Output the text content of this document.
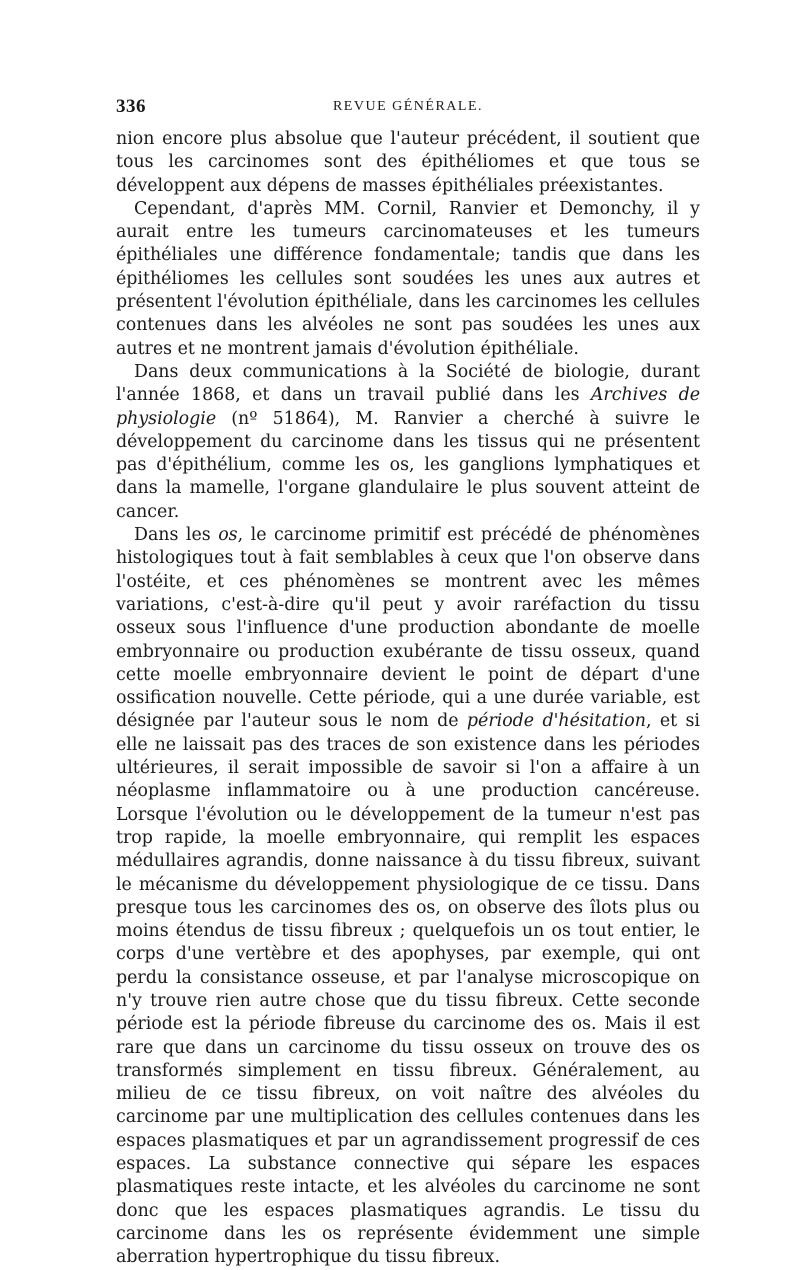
336	REVUE GÉNÉRALE.

nion encore plus absolue que l'auteur précédent, il soutient que tous les carcinomes sont des épithéliomes et que tous se développent aux dépens de masses épithéliales préexistantes.

Cependant, d'après MM. Cornil, Ranvier et Demonchy, il y aurait entre les tumeurs carcinomateuses et les tumeurs épithéliales une différence fondamentale; tandis que dans les épithéliomes les cellules sont soudées les unes aux autres et présentent l'évolution épithéliale, dans les carcinomes les cellules contenues dans les alvéoles ne sont pas soudées les unes aux autres et ne montrent jamais d'évolution épithéliale.

Dans deux communications à la Société de biologie, durant l'année 1868, et dans un travail publié dans les Archives de physiologie (nº 51864), M. Ranvier a cherché à suivre le développement du carcinome dans les tissus qui ne présentent pas d'épithélium, comme les os, les ganglions lymphatiques et dans la mamelle, l'organe glandulaire le plus souvent atteint de cancer.

Dans les os, le carcinome primitif est précédé de phénomènes histologiques tout à fait semblables à ceux que l'on observe dans l'ostéite, et ces phénomènes se montrent avec les mêmes variations, c'est-à-dire qu'il peut y avoir raréfaction du tissu osseux sous l'influence d'une production abondante de moelle embryonnaire ou production exubérante de tissu osseux, quand cette moelle embryonnaire devient le point de départ d'une ossification nouvelle. Cette période, qui a une durée variable, est désignée par l'auteur sous le nom de période d'hésitation, et si elle ne laissait pas des traces de son existence dans les périodes ultérieures, il serait impossible de savoir si l'on a affaire à un néoplasme inflammatoire ou à une production cancéreuse. Lorsque l'évolution ou le développement de la tumeur n'est pas trop rapide, la moelle embryonnaire, qui remplit les espaces médullaires agrandis, donne naissance à du tissu fibreux, suivant le mécanisme du développement physiologique de ce tissu. Dans presque tous les carcinomes des os, on observe des îlots plus ou moins étendus de tissu fibreux ; quelquefois un os tout entier, le corps d'une vertèbre et des apophyses, par exemple, qui ont perdu la consistance osseuse, et par l'analyse microscopique on n'y trouve rien autre chose que du tissu fibreux. Cette seconde période est la période fibreuse du carcinome des os. Mais il est rare que dans un carcinome du tissu osseux on trouve des os transformés simplement en tissu fibreux. Généralement, au milieu de ce tissu fibreux, on voit naître des alvéoles du carcinome par une multiplication des cellules contenues dans les espaces plasmatiques et par un agrandissement progressif de ces espaces. La substance connective qui sépare les espaces plasmatiques reste intacte, et les alvéoles du carcinome ne sont donc que les espaces plasmatiques agrandis. Le tissu du carcinome dans les os représente évidemment une simple aberration hypertrophique du tissu fibreux.
